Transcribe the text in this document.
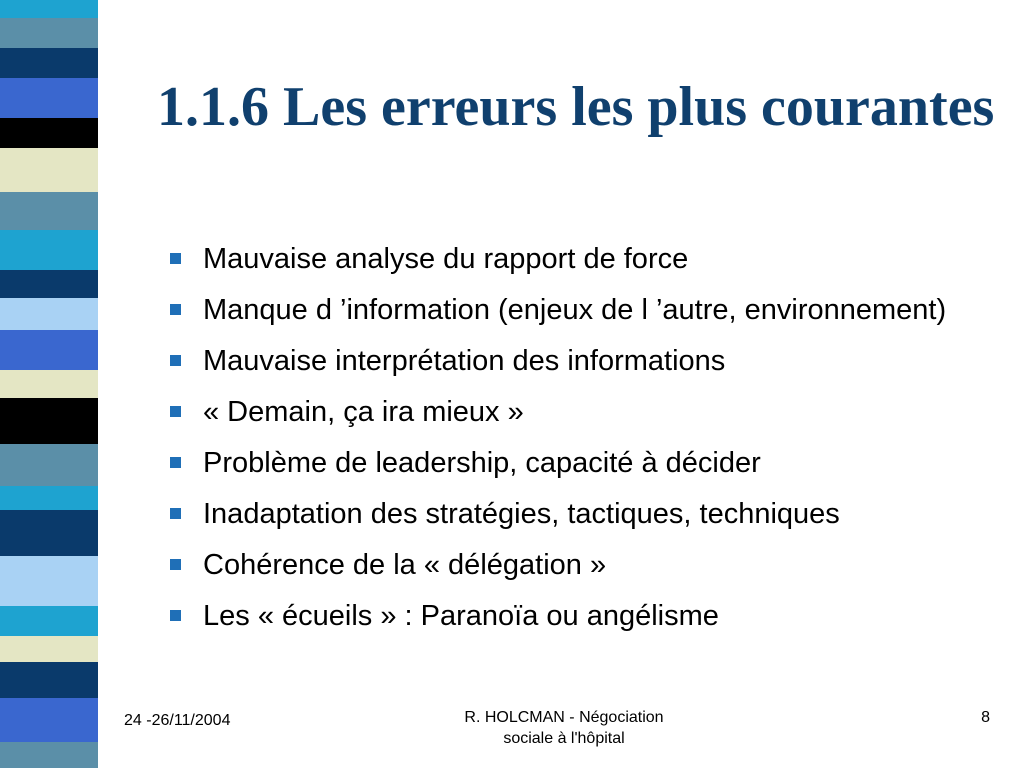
1.1.6 Les erreurs les plus courantes
Mauvaise analyse du rapport de force
Manque d ’information (enjeux de l ’autre, environnement)
Mauvaise interprétation des informations
« Demain, ça ira mieux »
Problème de leadership, capacité à décider
Inadaptation des stratégies, tactiques, techniques
Cohérence de la « délégation »
Les « écueils » : Paranoïa ou angélisme
24 -26/11/2004	R. HOLCMAN - Négociation
sociale à l'hôpital
8
